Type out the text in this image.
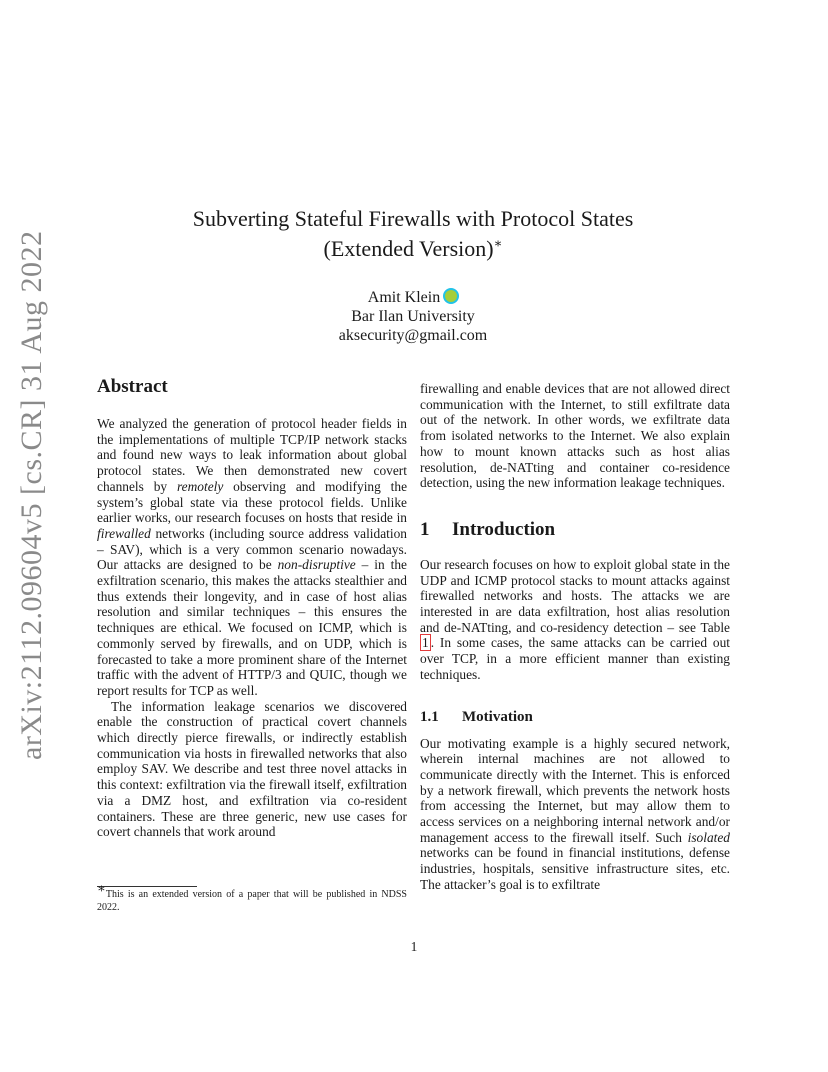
arXiv:2112.09604v5 [cs.CR] 31 Aug 2022
Subverting Stateful Firewalls with Protocol States
(Extended Version)∗
Amit Klein
Bar Ilan University
aksecurity@gmail.com
Abstract

We analyzed the generation of protocol header fields in the implementations of multiple TCP/IP network stacks and found new ways to leak information about global protocol states. We then demonstrated new covert channels by remotely observing and modifying the system’s global state via these protocol fields. Unlike earlier works, our research focuses on hosts that reside in firewalled networks (including source address validation – SAV), which is a very common scenario nowadays. Our attacks are designed to be non-disruptive – in the exfiltration scenario, this makes the attacks stealthier and thus extends their longevity, and in case of host alias resolution and similar techniques – this ensures the techniques are ethical. We focused on ICMP, which is commonly served by firewalls, and on UDP, which is forecasted to take a more prominent share of the Internet traffic with the advent of HTTP/3 and QUIC, though we report results for TCP as well.

The information leakage scenarios we discovered enable the construction of practical covert channels which directly pierce firewalls, or indirectly establish communication via hosts in firewalled networks that also employ SAV. We describe and test three novel attacks in this context: exfiltration via the firewall itself, exfiltration via a DMZ host, and exfiltration via co-resident containers. These are three generic, new use cases for covert channels that work around

firewalling and enable devices that are not allowed direct communication with the Internet, to still exfiltrate data out of the network. In other words, we exfiltrate data from isolated networks to the Internet. We also explain how to mount known attacks such as host alias resolution, de-NATting and container co-residence detection, using the new information leakage techniques.

1 Introduction

Our research focuses on how to exploit global state in the UDP and ICMP protocol stacks to mount attacks against firewalled networks and hosts. The attacks we are interested in are data exfiltration, host alias resolution and de-NATting, and co-residency detection – see Table 1 . In some cases, the same attacks can be carried out over TCP, in a more efficient manner than existing techniques.

1.1 Motivation

Our motivating example is a highly secured network, wherein internal machines are not allowed to communicate directly with the Internet. This is enforced by a network firewall, which prevents the network hosts from accessing the Internet, but may allow them to access services on a neighboring internal network and/or management access to the firewall itself. Such isolated networks can be found in financial institutions, defense industries, hospitals, sensitive infrastructure sites, etc. The attacker’s goal is to exfiltrate

∗This is an extended version of a paper that will be published in NDSS 2022.
1
